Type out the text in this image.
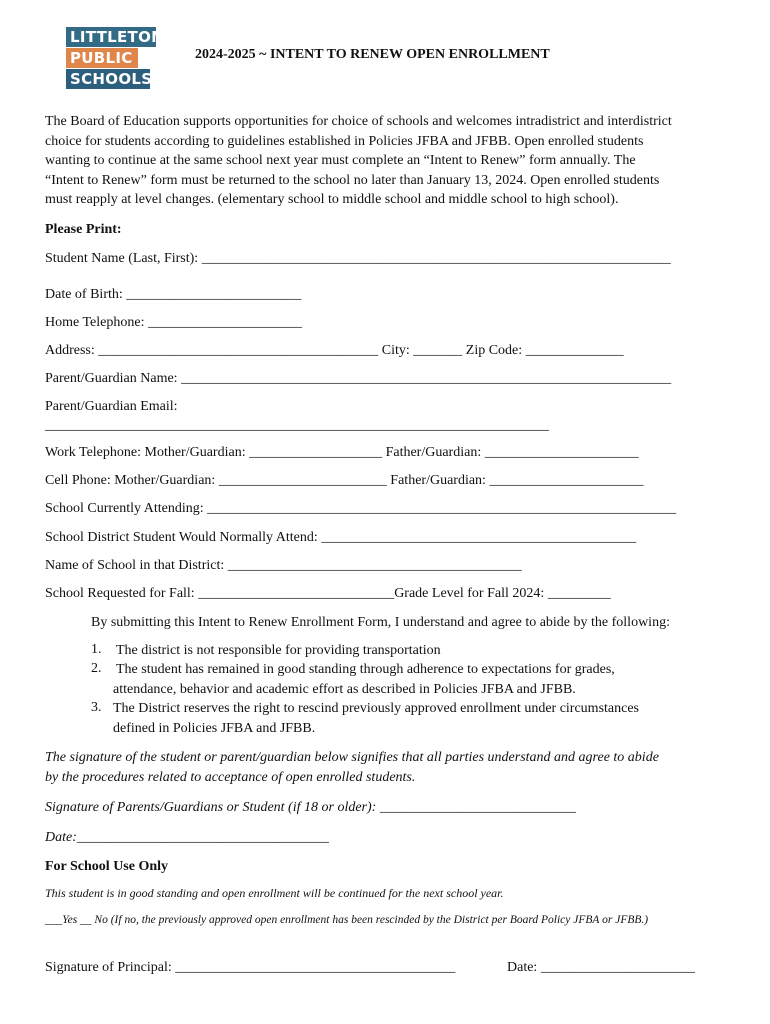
LITTLETON
PUBLIC
SCHOOLS
2024-2025 ~ INTENT TO RENEW OPEN ENROLLMENT

The Board of Education supports opportunities for choice of schools and welcomes intradistrict and interdistrict

choice for students according to guidelines established in Policies JFBA and JFBB. Open enrolled students

wanting to continue at the same school next year must complete an “Intent to Renew” form annually. The

“Intent to Renew” form must be returned to the school no later than January 13, 2024. Open enrolled students

must reapply at level changes. (elementary school to middle school and middle school to high school).

Please Print:
Student Name (Last, First): ___________________________________________________________________
Date of Birth: _________________________
Home Telephone: ______________________
Address: ________________________________________ City: _______ Zip Code: ______________
Parent/Guardian Name: ______________________________________________________________________
Parent/Guardian Email:
________________________________________________________________________
Work Telephone: Mother/Guardian: ___________________ Father/Guardian: ______________________
Cell Phone: Mother/Guardian: ________________________ Father/Guardian: ______________________
School Currently Attending: ___________________________________________________________________
School District Student Would Normally Attend: _____________________________________________
Name of School in that District: __________________________________________
School Requested for Fall: ____________________________Grade Level for Fall 2024: _________
By submitting this Intent to Renew Enrollment Form, I understand and agree to abide by the following:
1. The district is not responsible for providing transportation
2. The student has remained in good standing through adherence to expectations for grades,
attendance, behavior and academic effort as described in Policies JFBA and JFBB.
3. The District reserves the right to rescind previously approved enrollment under circumstances
defined in Policies JFBA and JFBB.
The signature of the student or parent/guardian below signifies that all parties understand and agree to abide
by the procedures related to acceptance of open enrolled students.
Signature of Parents/Guardians or Student (if 18 or older): ____________________________
Date:____________________________________
For School Use Only
This student is in good standing and open enrollment will be continued for the next school year.
___Yes __ No (If no, the previously approved open enrollment has been rescinded by the District per Board Policy JFBA or JFBB.)
Signature of Principal: ________________________________________	Date: ______________________
